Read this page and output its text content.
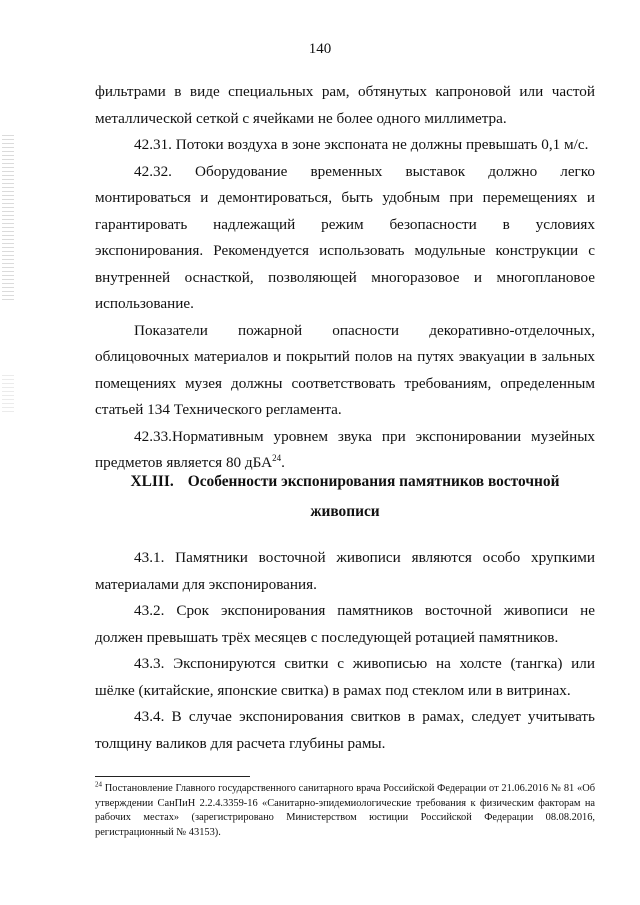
140

фильтрами в виде специальных рам, обтянутых капроновой или частой металлической сеткой с ячейками не более одного миллиметра.

42.31. Потоки воздуха в зоне экспоната не должны превышать 0,1 м/с.

42.32. Оборудование временных выставок должно легко монтироваться и демонтироваться, быть удобным при перемещениях и гарантировать надлежащий режим безопасности в условиях экспонирования. Рекомендуется использовать модульные конструкции с внутренней оснасткой, позволяющей многоразовое и многоплановое использование.

Показатели пожарной опасности декоративно-отделочных, облицовочных материалов и покрытий полов на путях эвакуации в зальных помещениях музея должны соответствовать требованиям, определенным статьей 134 Технического регламента.

42.33.Нормативным уровнем звука при экспонировании музейных предметов является 80 дБА$^{24}$.

XLIII. Особенности экспонирования памятников восточной живописи

43.1. Памятники восточной живописи являются особо хрупкими материалами для экспонирования.

43.2. Срок экспонирования памятников восточной живописи не должен превышать трёх месяцев с последующей ротацией памятников.

43.3. Экспонируются свитки с живописью на холсте (тангка) или шёлке (китайские, японские свитка) в рамах под стеклом или в витринах.

43.4. В случае экспонирования свитков в рамах, следует учитывать толщину валиков для расчета глубины рамы.

$^{24}$ Постановление Главного государственного санитарного врача Российской Федерации от 21.06.2016 № 81 «Об утверждении СанПиН 2.2.4.3359-16 «Санитарно-эпидемиологические требования к физическим факторам на рабочих местах» (зарегистрировано Министерством юстиции Российской Федерации 08.08.2016, регистрационный № 43153).
